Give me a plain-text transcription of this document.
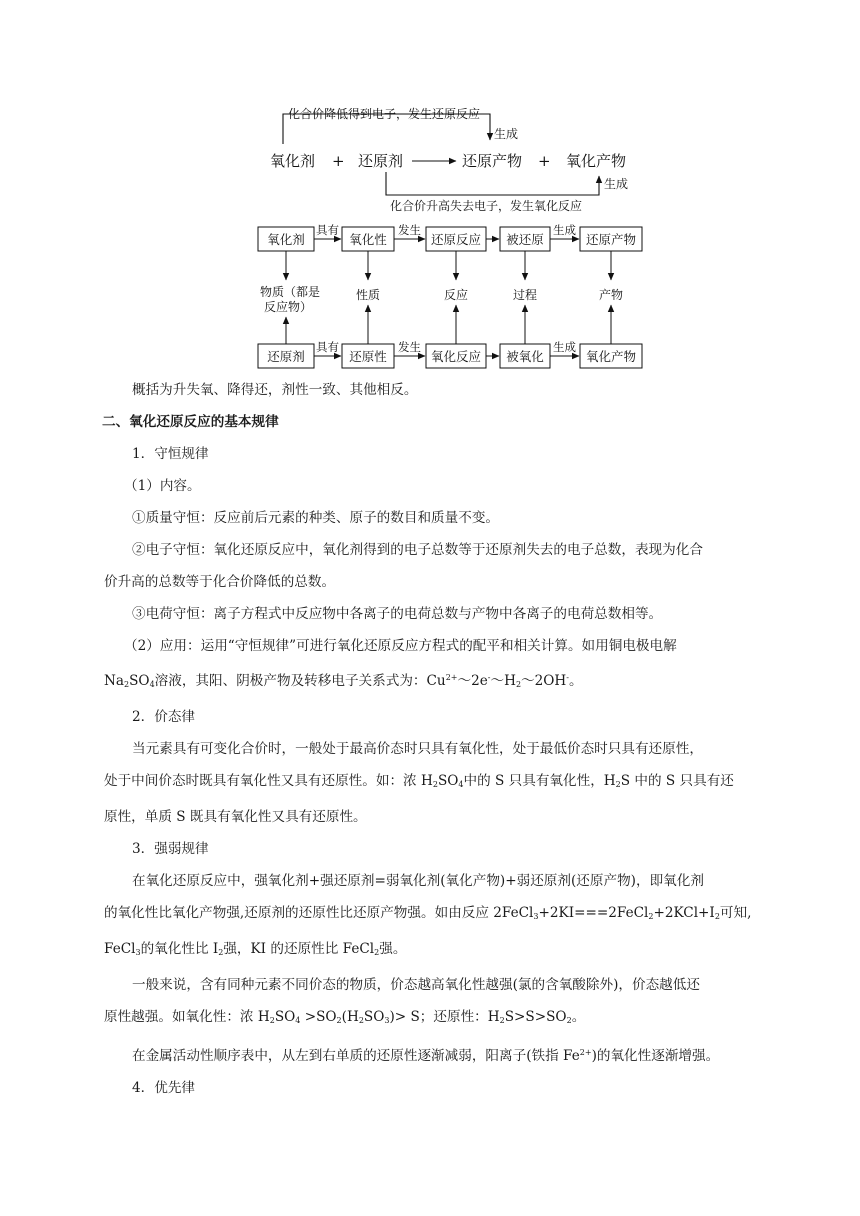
化合价降低得到电子，发生还原反应
生成
氧化剂 + 还原剂	还原产物 + 氧化产物
生成
化合价升高失去电子，发生氧化反应
氧化剂	氧化性	还原反应 被还原	还原产物
具有	发生	生成
物质（都是
反应物）
性质	反应	过程	产物
还原剂	还原性	氧化反应 被氧化	氧化产物
具有	发生	生成

概括为升失氧、降得还，剂性一致、其他相反。

二、氧化还原反应的基本规律

1．守恒规律

（1）内容。

①质量守恒：反应前后元素的种类、原子的数目和质量不变。

②电子守恒：氧化还原反应中，氧化剂得到的电子总数等于还原剂失去的电子总数，表现为化合

价升高的总数等于化合价降低的总数。

③电荷守恒：离子方程式中反应物中各离子的电荷总数与产物中各离子的电荷总数相等。

（2）应用：运用“守恒规律”可进行氧化还原反应方程式的配平和相关计算。如用铜电极电解

$Na_2SO_4$溶液，其阳、阴极产物及转移电子关系式为：$Cu^{2+}\sim 2e^-\sim H_2\sim 2OH^-$。

2．价态律

当元素具有可变化合价时，一般处于最高价态时只具有氧化性，处于最低价态时只具有还原性，

处于中间价态时既具有氧化性又具有还原性。如：浓 $H_2SO_4$中的 S 只具有氧化性，$H_2S$ 中的 S 只具有还

原性，单质 S 既具有氧化性又具有还原性。

3．强弱规律

在氧化还原反应中，强氧化剂+强还原剂=弱氧化剂(氧化产物)+弱还原剂(还原产物)，即氧化剂

的氧化性比氧化产物强,还原剂的还原性比还原产物强。如由反应 $2FeCl_3+2KI===2FeCl_2+2KCl+I_2$可知,

FeCl$_3$的氧化性比 $I_2$强，KI 的还原性比 FeCl$_2$强。

一般来说，含有同种元素不同价态的物质，价态越高氧化性越强(氯的含氧酸除外)，价态越低还

原性越强。如氧化性：浓 $H_2SO_4 >SO_2(H_2SO_3)> S$；还原性：$H_2S>S>SO_2$。

在金属活动性顺序表中，从左到右单质的还原性逐渐减弱，阳离子(铁指 $Fe^{2+}$)的氧化性逐渐增强。

4．优先律
